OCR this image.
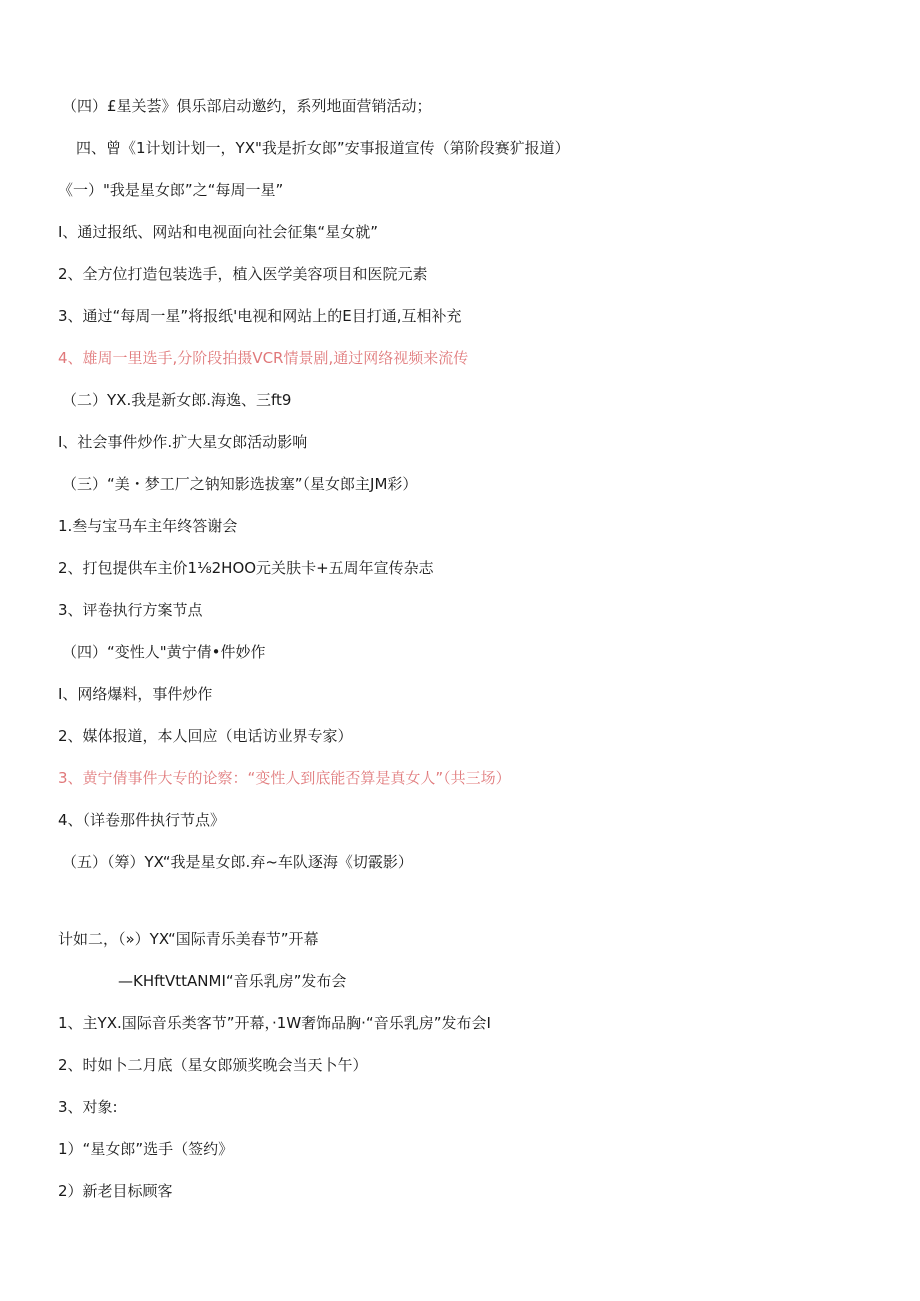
（四）£星关荟》俱乐部启动邀约，系列地面营销活动；
四、曾《1计划计划一，YX"我是折女郎”安事报道宣传（第阶段赛犷报道）
《一）"我是星女郎”之“每周一星”
I、通过报纸、网站和电视面向社会征集“星女就”
2、全方位打造包装选手，植入医学美容项目和医院元素
3、通过“每周一星”将报纸'电视和网站上的E目打通,互相补充
4、雄周一里选手,分阶段拍摄VCR情景剧,通过网络视频来流传
（二）YX.我是新女郎.海逸、三ft9
I、社会事件炒作.扩大星女郎活动影响
（三）“美・梦工厂之钠知影选拔塞”（星女郎主JM彩）
1.叁与宝马车主年终答谢会
2、打包提供车主价1⅛2HOO元关肤卡+五周年宣传杂志
3、评卷执行方案节点
（四）“变性人"黄宁倩•件妙作
I、网络爆料，事件炒作
2、媒体报道，本人回应（电话访业界专家）
3、黄宁倩事件大专的论察：“变性人到底能否算是真女人”（共三场）
4、（详卷那件执行节点》
（五）（筹）YX“我是星女郎.弃~车队逐海《切霰影）
计如二，（»）YX“国际青乐美春节”开幕
—KHftVttANMI“音乐乳房”发布会
1、主YX.国际音乐类客节”开幕，·1W奢饰品胸·“音乐乳房”发布会I
2、时如卜二月底（星女郎颁奖晚会当天卜午）
3、对象:
1）“星女郎”选手（签约》
2）新老目标顾客
